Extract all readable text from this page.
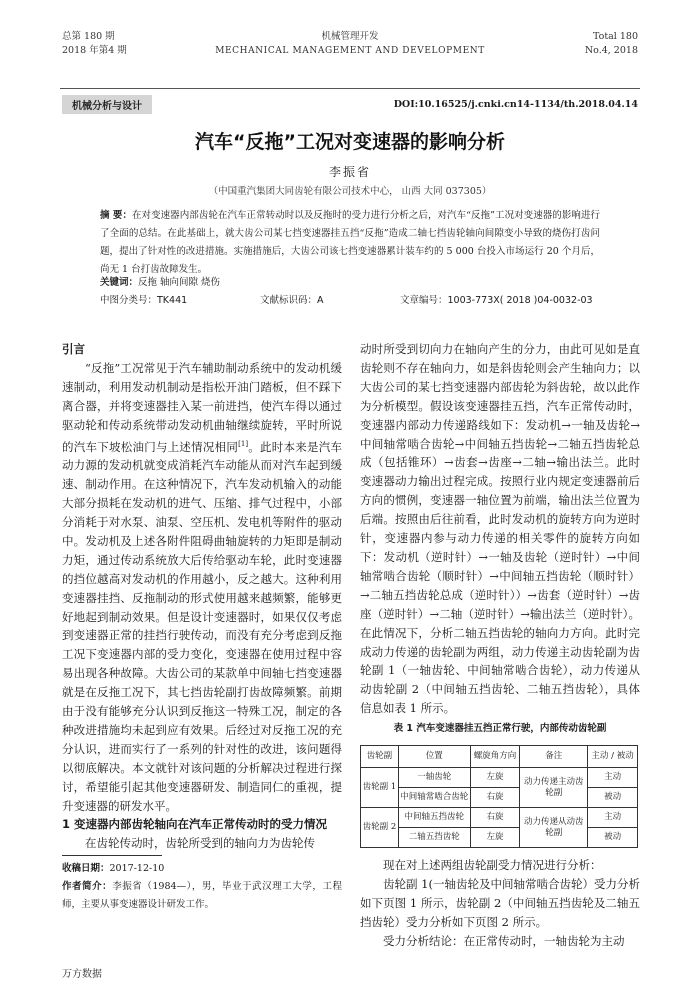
总第 180 期
2018 年第4 期
机械管理开发
MECHANICAL MANAGEMENT AND DEVELOPMENT
Total 180
No.4, 2018
机械分析与设计	DOI:10.16525/j.cnki.cn14-1134/th.2018.04.14
汽车“反拖”工况对变速器的影响分析
李振省
（中国重汽集团大同齿轮有限公司技术中心， 山西 大同 037305）
摘 要：在对变速器内部齿轮在汽车正常转动时以及反拖时的受力进行分析之后，对汽车“反拖”工况对变速器的影响进行了全面的总结。在此基础上，就大齿公司某七挡变速器挂五挡“反拖”造成二轴七挡齿轮轴向间隙变小导致的烧伤打齿问题，提出了针对性的改进措施。实施措施后，大齿公司该七挡变速器累计装车约的 5 000 台投入市场运行 20 个月后，尚无 1 台打齿故障发生。
关键词：反拖 轴向间隙 烧伤
中图分类号：TK441	文献标识码：A	文章编号：1003-773X( 2018 )04-0032-03
引言

“反拖”工况常见于汽车辅助制动系统中的发动机缓速制动，利用发动机制动是指松开油门踏板，但不踩下离合器，并将变速器挂入某一前进挡，使汽车得以通过驱动轮和传动系统带动发动机曲轴继续旋转，平时所说的汽车下坡松油门与上述情况相同[1]。此时本来是汽车动力源的发动机就变成消耗汽车动能从而对汽车起到缓速、制动作用。在这种情况下，汽车发动机输入的动能大部分损耗在发动机的进气、压缩、排气过程中，小部分消耗于对水泵、油泵、空压机、发电机等附件的驱动中。发动机及上述各附件阻碍曲轴旋转的力矩即是制动力矩，通过传动系统放大后传给驱动车轮，此时变速器的挡位越高对发动机的作用越小，反之越大。这种利用变速器挂挡、反拖制动的形式使用越来越频繁，能够更好地起到制动效果。但是设计变速器时，如果仅仅考虑到变速器正常的挂挡行驶传动，而没有充分考虑到反拖工况下变速器内部的受力变化，变速器在使用过程中容易出现各种故障。大齿公司的某款单中间轴七挡变速器就是在反拖工况下，其七挡齿轮副打齿故障频繁。前期由于没有能够充分认识到反拖这一特殊工况，制定的各种改进措施均未起到应有效果。后经过对反拖工况的充分认识，进而实行了一系列的针对性的改进，该问题得以彻底解决。本文就针对该问题的分析解决过程进行探讨，希望能引起其他变速器研发、制造同仁的重视，提升变速器的研发水平。

1 变速器内部齿轮轴向在汽车正常传动时的受力情况

在齿轮传动时，齿轮所受到的轴向力为齿轮传

动时所受到切向力在轴向产生的分力，由此可见如是直齿轮则不存在轴向力，如是斜齿轮则会产生轴向力；以大齿公司的某七挡变速器内部齿轮为斜齿轮，故以此作为分析模型。假设该变速器挂五挡，汽车正常传动时，变速器内部动力传递路线如下：发动机→一轴及齿轮→中间轴常啮合齿轮→中间轴五挡齿轮→二轴五挡齿轮总成（包括锥环）→齿套→齿座→二轴→输出法兰。此时变速器动力输出过程完成。按照行业内规定变速器前后方向的惯例，变速器一轴位置为前端，输出法兰位置为后端。按照由后往前看，此时发动机的旋转方向为逆时针，变速器内参与动力传递的相关零件的旋转方向如下：发动机（逆时针）→一轴及齿轮（逆时针）→中间轴常啮合齿轮（顺时针）→中间轴五挡齿轮（顺时针）→二轴五挡齿轮总成（逆时针））→齿套（逆时针）→齿座（逆时针）→二轴（逆时针）→输出法兰（逆时针）。在此情况下，分析二轴五挡齿轮的轴向力方向。此时完成动力传递的齿轮副为两组，动力传递主动齿轮副为齿轮副 1（一轴齿轮、中间轴常啮合齿轮），动力传递从动齿轮副 2（中间轴五挡齿轮、二轴五挡齿轮），具体信息如表 1 所示。

表 1 汽车变速器挂五挡正常行驶，内部传动齿轮副
齿轮副	位置	螺旋角方向	备注	主动 / 被动
齿轮副 1	一轴齿轮	左旋	动力传递主动齿轮副	主动
	中间轴常啮合齿轮	右旋		被动
齿轮副 2	中间轴五挡齿轮	右旋	动力传递从动齿轮副	主动
	二轴五挡齿轮	左旋		被动

现在对上述两组齿轮副受力情况进行分析：

齿轮副 1(一轴齿轮及中间轴常啮合齿轮）受力分析如下页图 1 所示，齿轮副 2（中间轴五挡齿轮及二轴五挡齿轮）受力分析如下页图 2 所示。

受力分析结论：在正常传动时，一轴齿轮为主动

收稿日期：2017-12-10
作者简介：李振省（1984—），男，毕业于武汉理工大学，工程师，主要从事变速器设计研发工作。
万方数据
